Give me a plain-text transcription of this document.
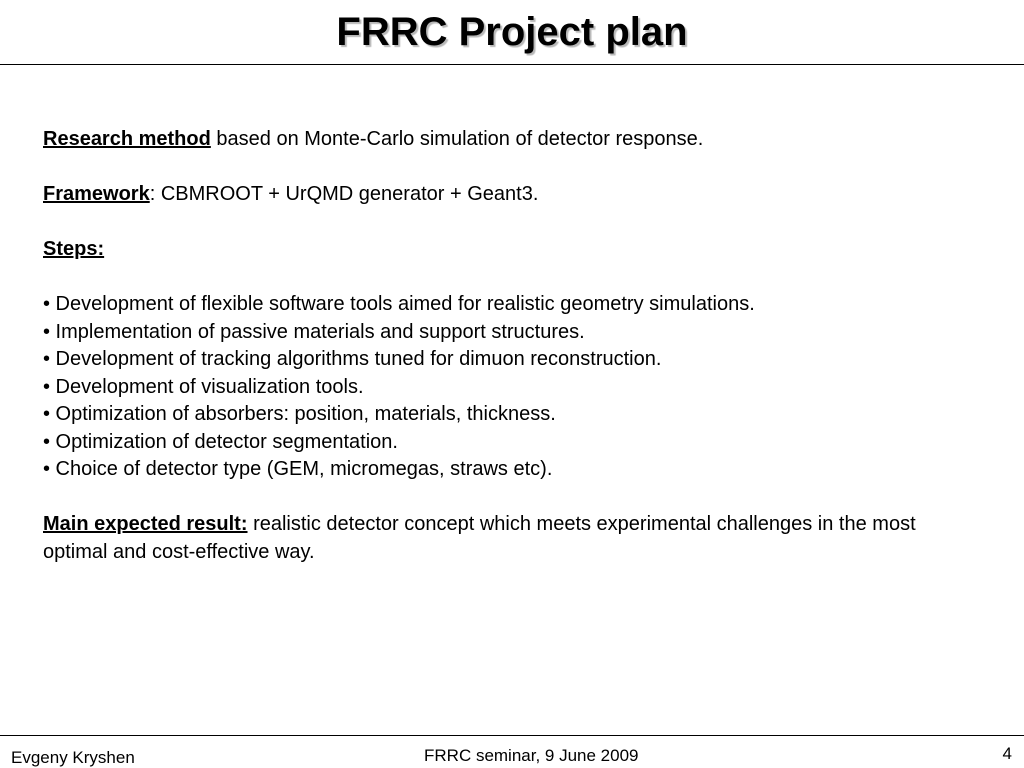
FRRC Project plan

Research method based on Monte-Carlo simulation of detector response.

Framework: CBMROOT + UrQMD generator + Geant3.

Steps:

• Development of flexible software tools aimed for realistic geometry simulations.
• Implementation of passive materials and support structures.
• Development of tracking algorithms tuned for dimuon reconstruction.
• Development of visualization tools.
• Optimization of absorbers: position, materials, thickness.
• Optimization of detector segmentation.
• Choice of detector type (GEM, micromegas, straws etc).

Main expected result: realistic detector concept which meets experimental challenges in the most optimal and cost-effective way.

Evgeny Kryshen	FRRC seminar, 9 June 2009	4
